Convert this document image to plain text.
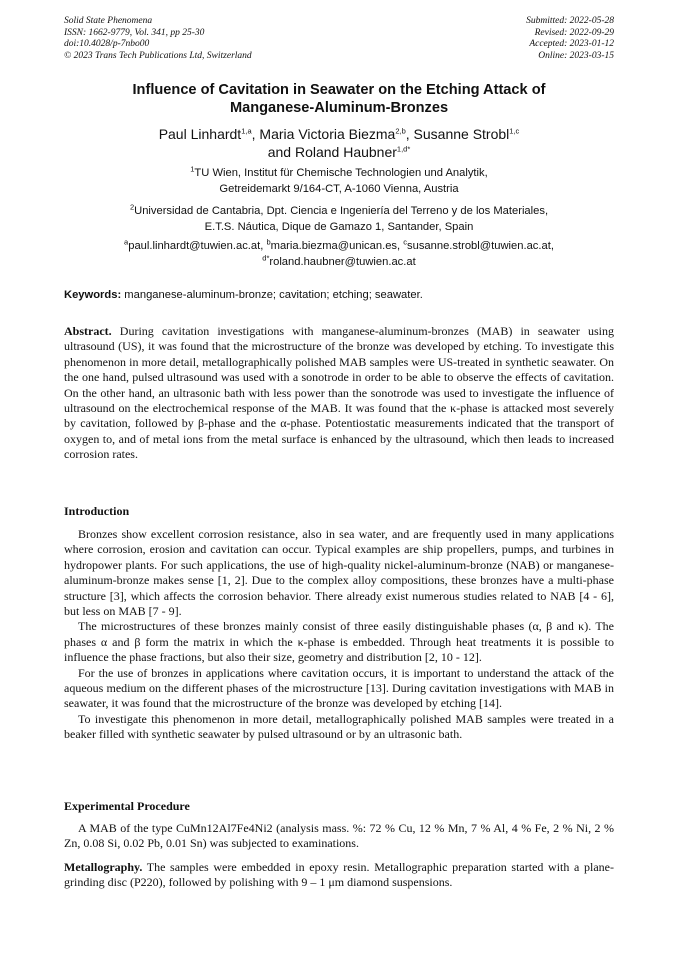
Solid State Phenomena
ISSN: 1662-9779, Vol. 341, pp 25-30
doi:10.4028/p-7nbo00
© 2023 Trans Tech Publications Ltd, Switzerland
Submitted: 2022-05-28
Revised: 2022-09-29
Accepted: 2023-01-12
Online: 2023-03-15
Influence of Cavitation in Seawater on the Etching Attack of
Manganese-Aluminum-Bronzes
Paul Linhardt$^{1,a}$, Maria Victoria Biezma$^{2,b}$, Susanne Strobl$^{1,c}$
and Roland Haubner$^{1,d*}$
$^1$TU Wien, Institut für Chemische Technologien und Analytik,
Getreidemarkt 9/164-CT, A-1060 Vienna, Austria
$^2$Universidad de Cantabria, Dpt. Ciencia e Ingeniería del Terreno y de los Materiales,
E.T.S. Náutica, Dique de Gamazo 1, Santander, Spain
$^a$paul.linhardt@tuwien.ac.at, $^b$maria.biezma@unican.es, $^c$susanne.strobl@tuwien.ac.at,
$^{d*}$roland.haubner@tuwien.ac.at
Keywords: manganese-aluminum-bronze; cavitation; etching; seawater.
Abstract. During cavitation investigations with manganese-aluminum-bronzes (MAB) in seawater using ultrasound (US), it was found that the microstructure of the bronze was developed by etching. To investigate this phenomenon in more detail, metallographically polished MAB samples were US-treated in synthetic seawater. On the one hand, pulsed ultrasound was used with a sonotrode in order to be able to observe the effects of cavitation. On the other hand, an ultrasonic bath with less power than the sonotrode was used to investigate the influence of ultrasound on the electrochemical response of the MAB. It was found that the κ-phase is attacked most severely by cavitation, followed by β-phase and the α-phase. Potentiostatic measurements indicated that the transport of oxygen to, and of metal ions from the metal surface is enhanced by the ultrasound, which then leads to increased corrosion rates.
Introduction

Bronzes show excellent corrosion resistance, also in sea water, and are frequently used in many applications where corrosion, erosion and cavitation can occur. Typical examples are ship propellers, pumps, and turbines in hydropower plants. For such applications, the use of high-quality nickel-aluminum-bronze (NAB) or manganese-aluminum-bronze makes sense [1, 2]. Due to the complex alloy compositions, these bronzes have a multi-phase structure [3], which affects the corrosion behavior. There already exist numerous studies related to NAB [4 - 6], but less on MAB [7 - 9].

The microstructures of these bronzes mainly consist of three easily distinguishable phases (α, β and κ). The phases α and β form the matrix in which the κ-phase is embedded. Through heat treatments it is possible to influence the phase fractions, but also their size, geometry and distribution [2, 10 - 12].

For the use of bronzes in applications where cavitation occurs, it is important to understand the attack of the aqueous medium on the different phases of the microstructure [13]. During cavitation investigations with MAB in seawater, it was found that the microstructure of the bronze was developed by etching [14].

To investigate this phenomenon in more detail, metallographically polished MAB samples were treated in a beaker filled with synthetic seawater by pulsed ultrasound or by an ultrasonic bath.

Experimental Procedure

A MAB of the type CuMn12Al7Fe4Ni2 (analysis mass. %: 72 % Cu, 12 % Mn, 7 % Al, 4 % Fe, 2 % Ni, 2 % Zn, 0.08 Si, 0.02 Pb, 0.01 Sn) was subjected to examinations.

Metallography. The samples were embedded in epoxy resin. Metallographic preparation started with a plane-grinding disc (P220), followed by polishing with 9 – 1 μm diamond suspensions.
